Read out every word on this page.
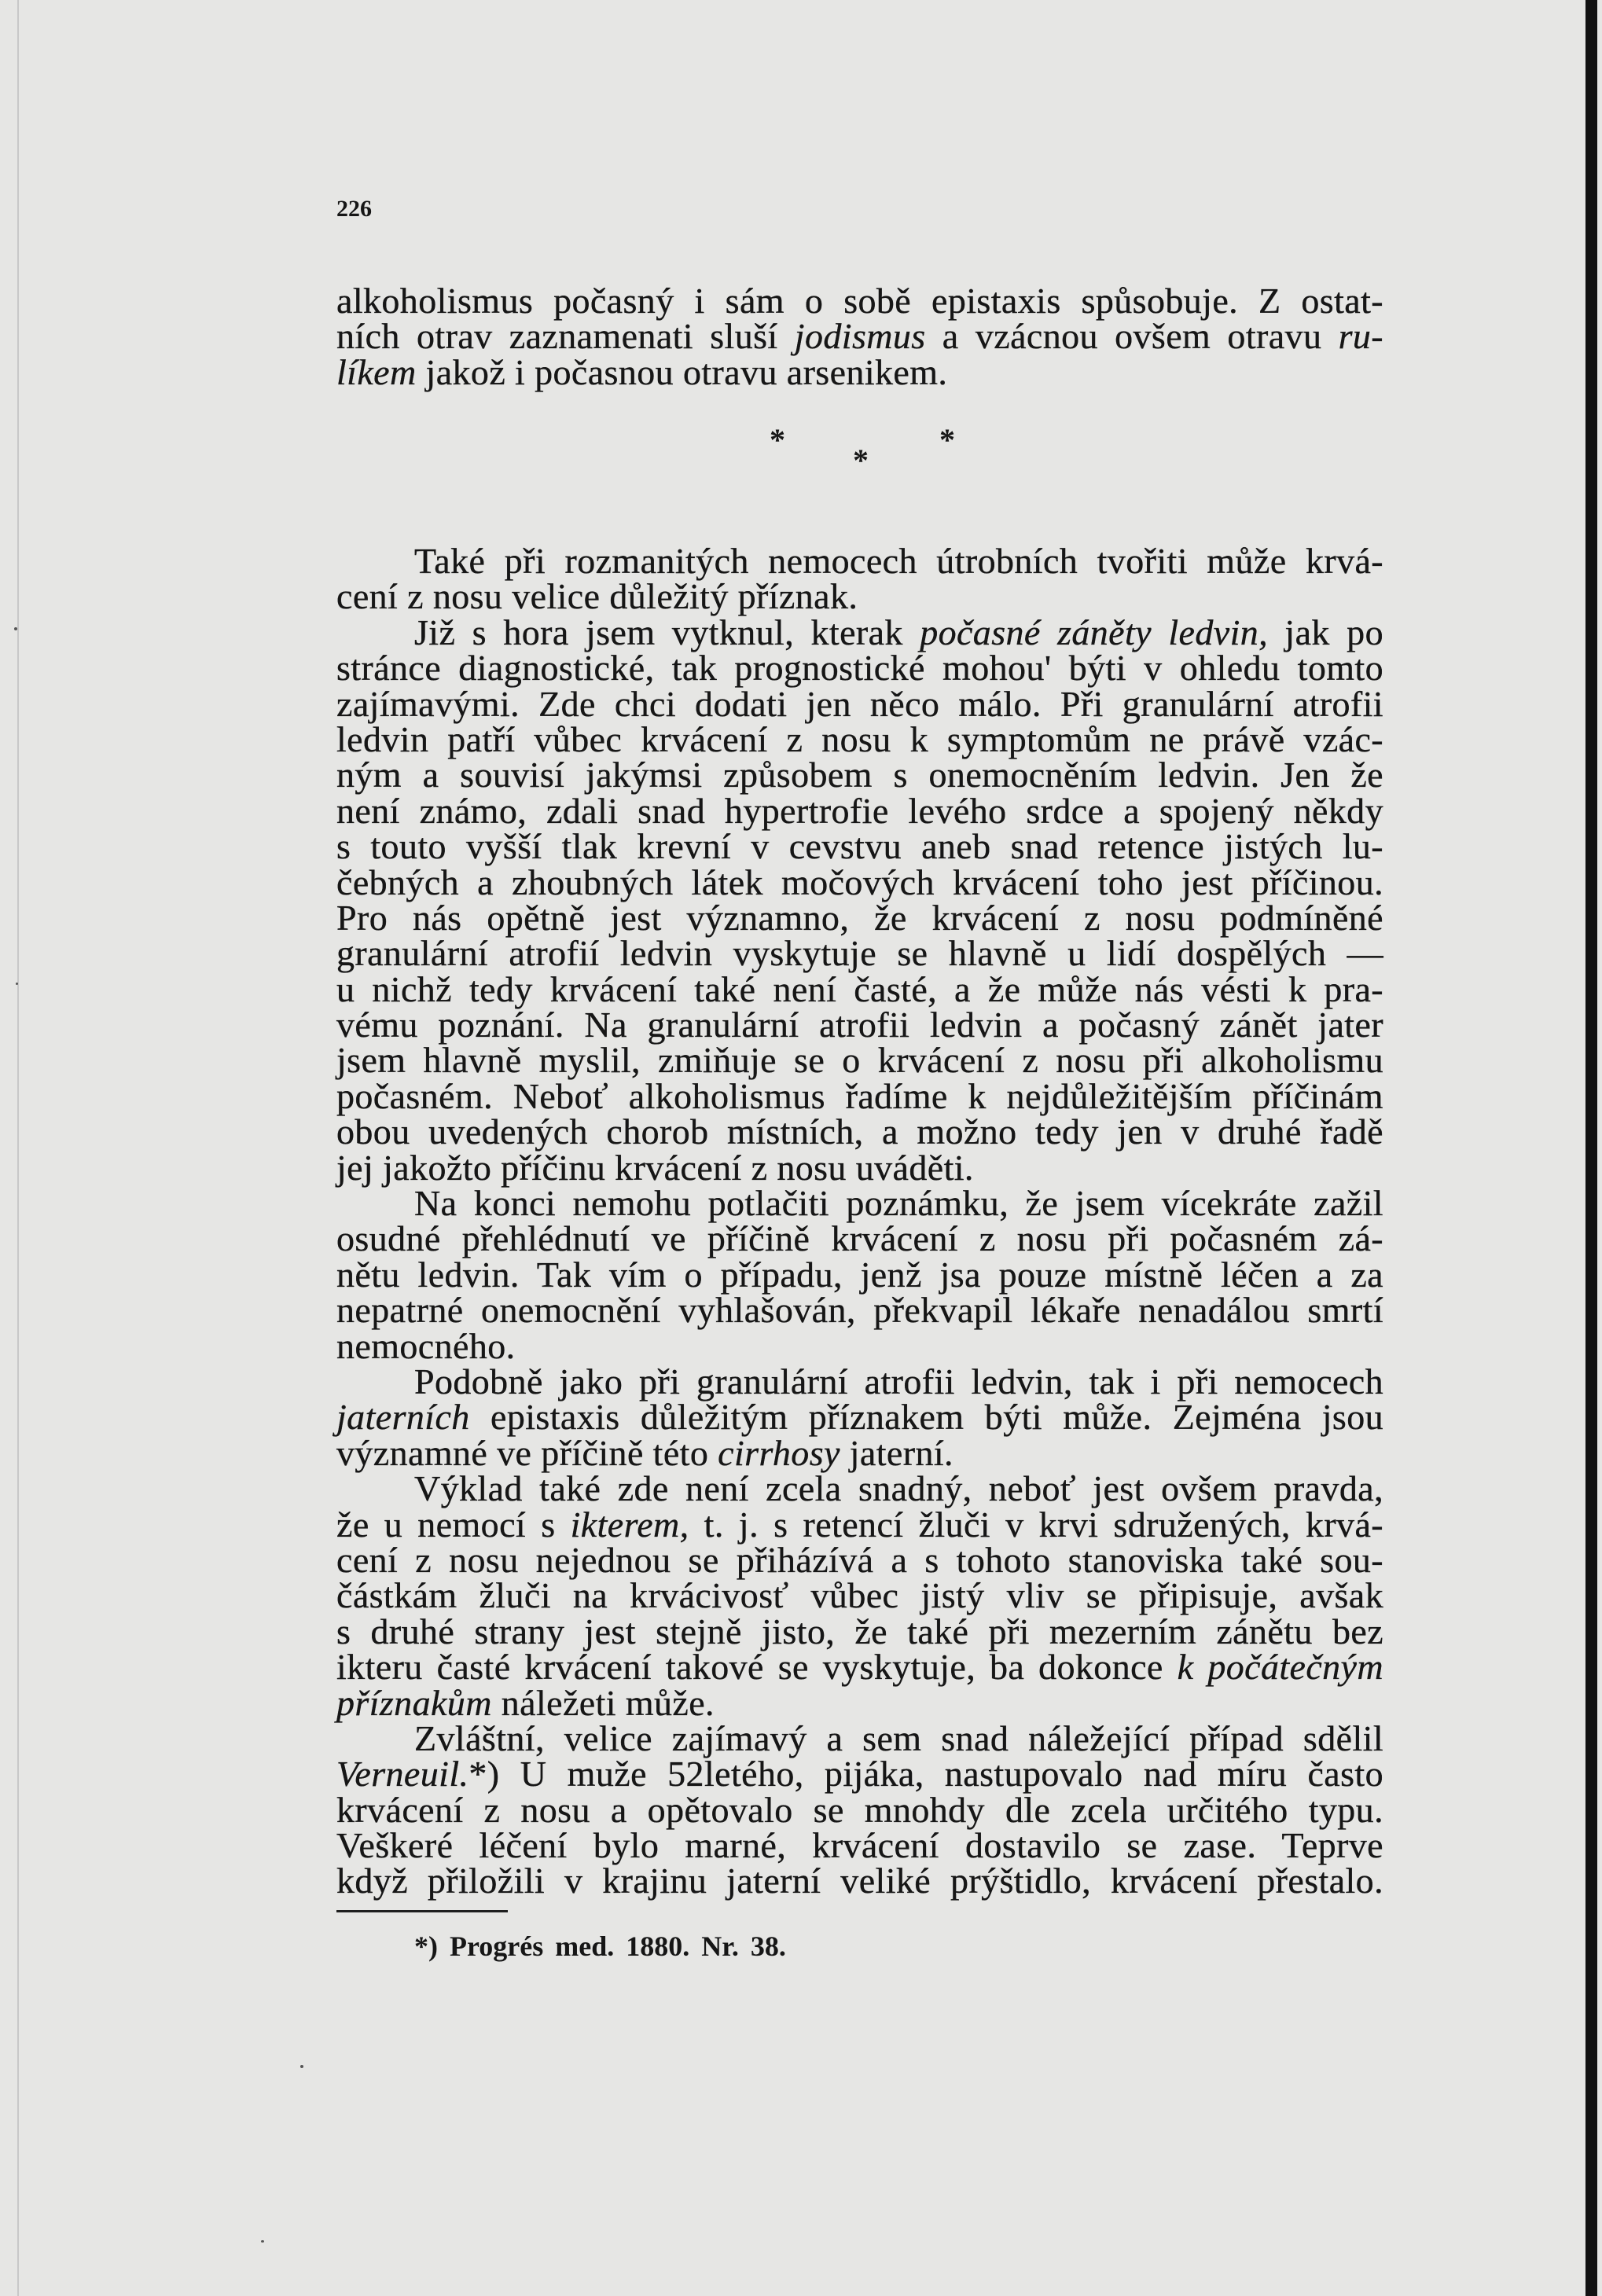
226
alkoholismus počasný i sám o sobě epistaxis spůsobuje. Z ostat-
ních otrav zaznamenati sluší jodismus a vzácnou ovšem otravu ru-
líkem jakož i počasnou otravu arsenikem.
*
*
*
Také při rozmanitých nemocech útrobních tvořiti může krvá-
cení z nosu velice důležitý příznak.
Již s hora jsem vytknul, kterak počasné záněty ledvin, jak po
stránce diagnostické, tak prognostické mohou' býti v ohledu tomto
zajímavými. Zde chci dodati jen něco málo. Při granulární atrofii
ledvin patří vůbec krvácení z nosu k symptomům ne právě vzác-
ným a souvisí jakýmsi způsobem s onemocněním ledvin. Jen že
není známo, zdali snad hypertrofie levého srdce a spojený někdy
s touto vyšší tlak krevní v cevstvu aneb snad retence jistých lu-
čebných a zhoubných látek močových krvácení toho jest příčinou.
Pro nás opětně jest významno, že krvácení z nosu podmíněné
granulární atrofií ledvin vyskytuje se hlavně u lidí dospělých —
u nichž tedy krvácení také není časté, a že může nás vésti k pra-
vému poznání. Na granulární atrofii ledvin a počasný zánět jater
jsem hlavně myslil, zmiňuje se o krvácení z nosu při alkoholismu
počasném. Neboť alkoholismus řadíme k nejdůležitějším příčinám
obou uvedených chorob místních, a možno tedy jen v druhé řadě
jej jakožto příčinu krvácení z nosu uváděti.
Na konci nemohu potlačiti poznámku, že jsem vícekráte zažil
osudné přehlédnutí ve příčině krvácení z nosu při počasném zá-
nětu ledvin. Tak vím o případu, jenž jsa pouze místně léčen a za
nepatrné onemocnění vyhlašován, překvapil lékaře nenadálou smrtí
nemocného.
Podobně jako při granulární atrofii ledvin, tak i při nemocech
jaterních epistaxis důležitým příznakem býti může. Zejména jsou
významné ve příčině této cirrhosy jaterní.
Výklad také zde není zcela snadný, neboť jest ovšem pravda,
že u nemocí s ikterem, t. j. s retencí žluči v krvi sdružených, krvá-
cení z nosu nejednou se přiházívá a s tohoto stanoviska také sou-
částkám žluči na krvácivosť vůbec jistý vliv se připisuje, avšak
s druhé strany jest stejně jisto, že také při mezerním zánětu bez
ikteru časté krvácení takové se vyskytuje, ba dokonce k počátečným
příznakům náležeti může.
Zvláštní, velice zajímavý a sem snad náležející případ sdělil
Verneuil.*) U muže 52letého, pijáka, nastupovalo nad míru často
krvácení z nosu a opětovalo se mnohdy dle zcela určitého typu.
Veškeré léčení bylo marné, krvácení dostavilo se zase. Teprve
když přiložili v krajinu jaterní veliké prýštidlo, krvácení přestalo.
*) Progrés med. 1880. Nr. 38.
